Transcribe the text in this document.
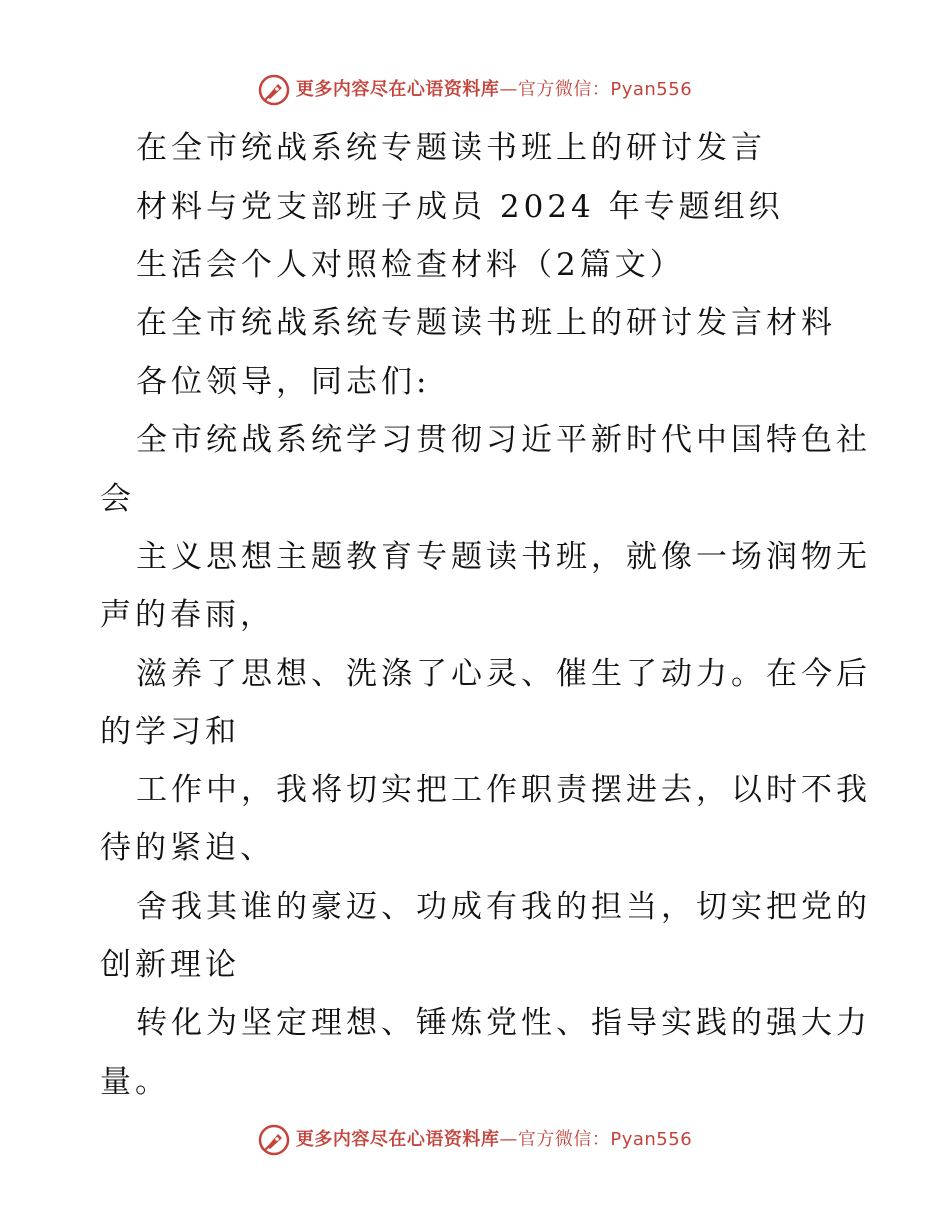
更多内容尽在心语资料库—官方微信：Pyan556
在全市统战系统专题读书班上的研讨发言
材料与党支部班子成员 2024 年专题组织
生活会个人对照检查材料（2篇文）
在全市统战系统专题读书班上的研讨发言材料
各位领导，同志们:
全市统战系统学习贯彻习近平新时代中国特色社
会
主义思想主题教育专题读书班，就像一场润物无
声的春雨，
滋养了思想、洗涤了心灵、催生了动力。在今后
的学习和
工作中，我将切实把工作职责摆进去，以时不我
待的紧迫、
舍我其谁的豪迈、功成有我的担当，切实把党的
创新理论
转化为坚定理想、锤炼党性、指导实践的强大力
量。
更多内容尽在心语资料库—官方微信：Pyan556
